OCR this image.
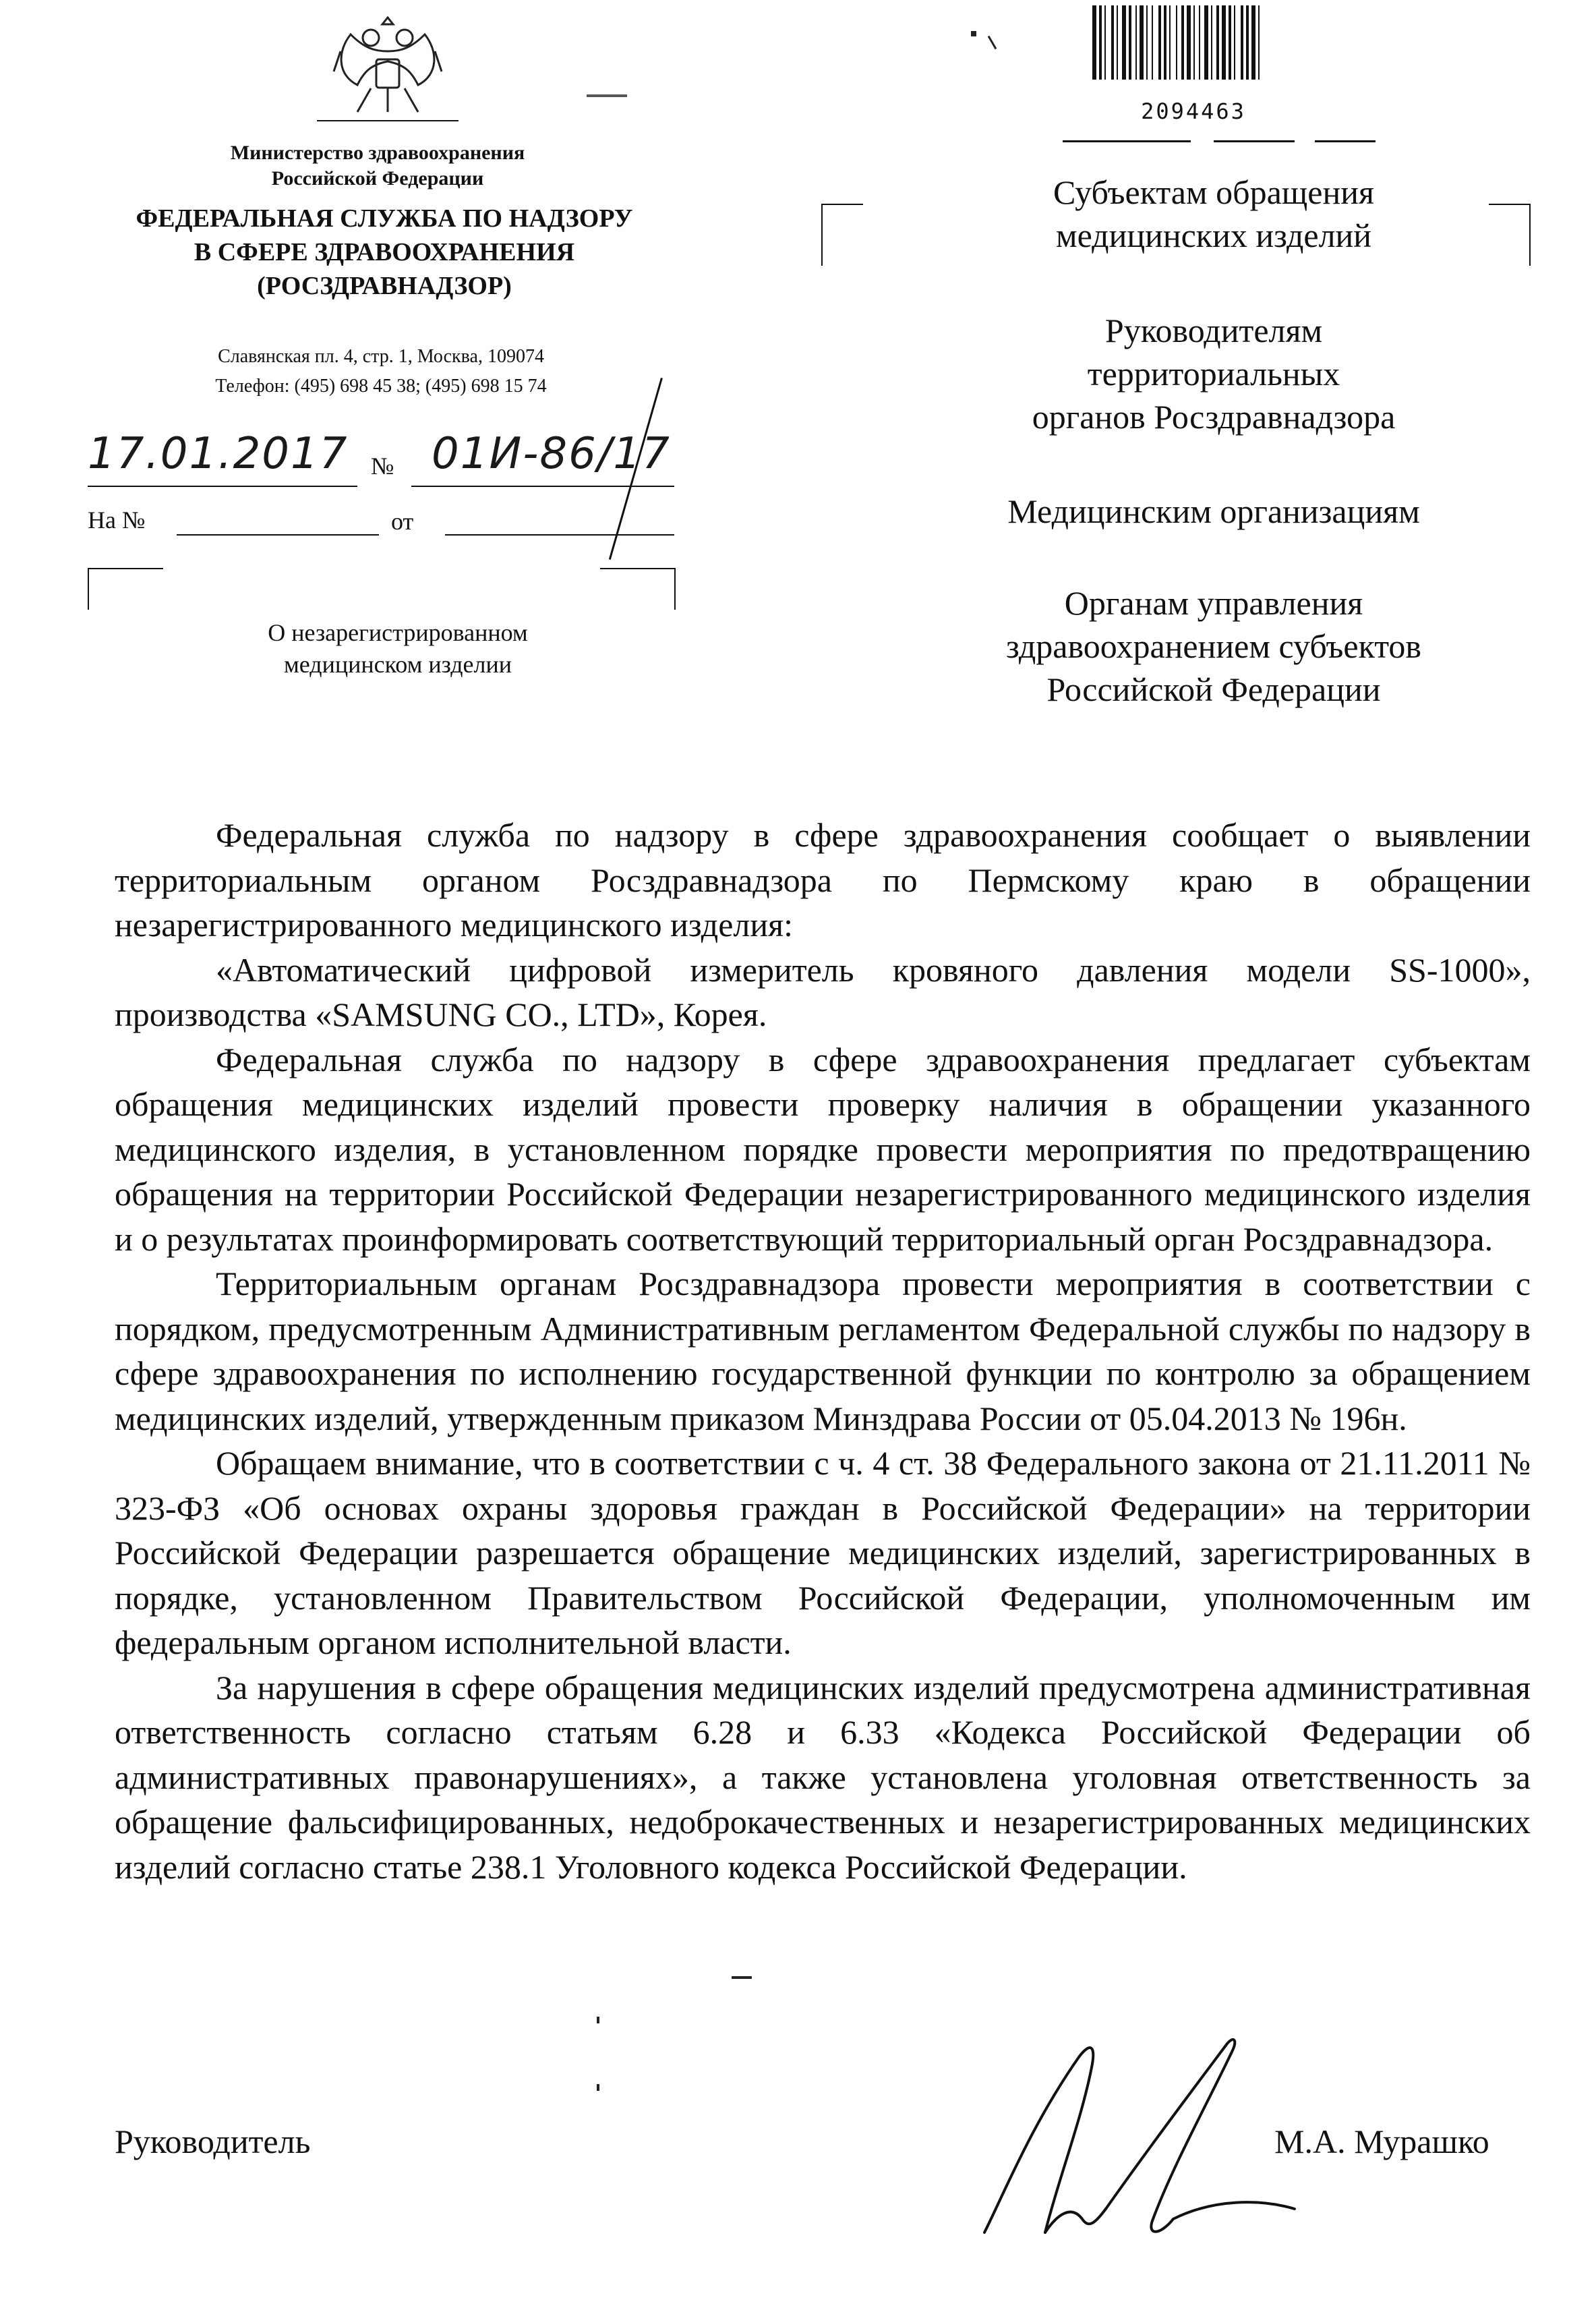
Министерство здравоохранения
Российской Федерации
ФЕДЕРАЛЬНАЯ СЛУЖБА ПО НАДЗОРУ
В СФЕРЕ ЗДРАВООХРАНЕНИЯ
(РОСЗДРАВНАДЗОР)
Славянская пл. 4, стр. 1, Москва, 109074
Телефон: (495) 698 45 38; (495) 698 15 74
17.01.2017 № 01И-86/17
На №	от
О незарегистрированном
медицинском изделии
2094463
Субъектам обращения
медицинских изделий
Руководителям
территориальных
органов Росздравнадзора
Медицинским организациям
Органам управления
здравоохранением субъектов
Российской Федерации

Федеральная служба по надзору в сфере здравоохранения сообщает о выявлении территориальным органом Росздравнадзора по Пермскому краю в обращении незарегистрированного медицинского изделия:

«Автоматический цифровой измеритель кровяного давления модели SS-1000», производства «SAMSUNG CO., LTD», Корея.

Федеральная служба по надзору в сфере здравоохранения предлагает субъектам обращения медицинских изделий провести проверку наличия в обращении указанного медицинского изделия, в установленном порядке провести мероприятия по предотвращению обращения на территории Российской Федерации незарегистрированного медицинского изделия и о результатах проинформировать соответствующий территориальный орган Росздравнадзора.

Территориальным органам Росздравнадзора провести мероприятия в соответствии с порядком, предусмотренным Административным регламентом Федеральной службы по надзору в сфере здравоохранения по исполнению государственной функции по контролю за обращением медицинских изделий, утвержденным приказом Минздрава России от 05.04.2013 № 196н.

Обращаем внимание, что в соответствии с ч. 4 ст. 38 Федерального закона от 21.11.2011 № 323-ФЗ «Об основах охраны здоровья граждан в Российской Федерации» на территории Российской Федерации разрешается обращение медицинских изделий, зарегистрированных в порядке, установленном Правительством Российской Федерации, уполномоченным им федеральным органом исполнительной власти.

За нарушения в сфере обращения медицинских изделий предусмотрена административная ответственность согласно статьям 6.28 и 6.33 «Кодекса Российской Федерации об административных правонарушениях», а также установлена уголовная ответственность за обращение фальсифицированных, недоброкачественных и незарегистрированных медицинских изделий согласно статье 238.1 Уголовного кодекса Российской Федерации.

Руководитель	М.А. Мурашко
